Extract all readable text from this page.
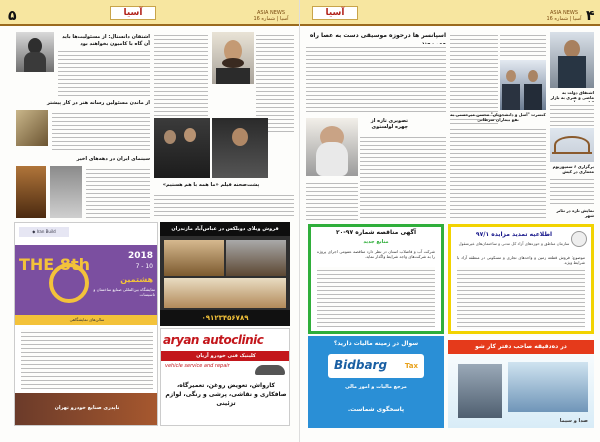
۵	آسیا	ASIA NEWS
آسیا | شماره 16
اشتفان دانستال: از مسئولیت‌ها باید آن گاه با کامیون بخواهند بود

از ماندن مسئولین رسانه هنر در کار پیشتر

سینمای ایران در دهه‌های اخیر

پشت‌صحنه فیلم «ما همه با هم هستیم»
◆ Iran Build
THE 8th	2018
7 - 10
هشتمین
نمایشگاه بین‌المللی صنایع ساختمان و تاسیسات
سالن‌های نمایشگاهی
ناپدری صنایع خودرو تهران
فروش ویلای دوبلکس در عباس‌آباد مازندران
۰۹۱۲۳۴۵۶۷۸۹
aryan autoclinic
کلینیک فنی خودرو آریان
vehicle service and repair
کاروا‌ش، تعویض روغن، تعمیرگاه، صافکاری و نقاشی، پرشی و رنگی، لوازم تزئینی
ASIA NEWS
آسیا | شماره 16 ۴
آسیا
اسپانسر ها درحوزه موسیقی دست به عصا راه
تصویری تازه از چهره لولستوی
کنسرت "آسل و دانشجویان" محسن میرحسنی به نفع بیماران سرطانی
اشتقاق دولت به ماضی و هنری به بازار
برگزاری ۶ سمپوزیوم معماری در کیش
نمایش تازه در تئاتر شهر
آگهی مناقصه شماره ۹۷-۲۰
منابع جدید
شرکت آب و فاضلاب استان در نظر دارد مناقصه عمومی اجرای پروژه را به شرکت‌های واجد شرایط واگذار نماید.
اطلاعیه تمدید مزایده ۹۷/۱
سازمان مناطق و حوزه‌های آزاد کل مدنی و ساختمان‌های غیرمنقول
موضوع: فروش قطعه زمین و واحدهای تجاری و مسکونی در منطقه آزاد با شرایط ویژه.
سوال در زمینه مالیات دارید؟
Bidbarg	Tax
مرجع مالیات و امور مالی
پاسخگوی شماست.
در ده‌دقیقه صاحب دفتر کار شو
صدا و سیما
